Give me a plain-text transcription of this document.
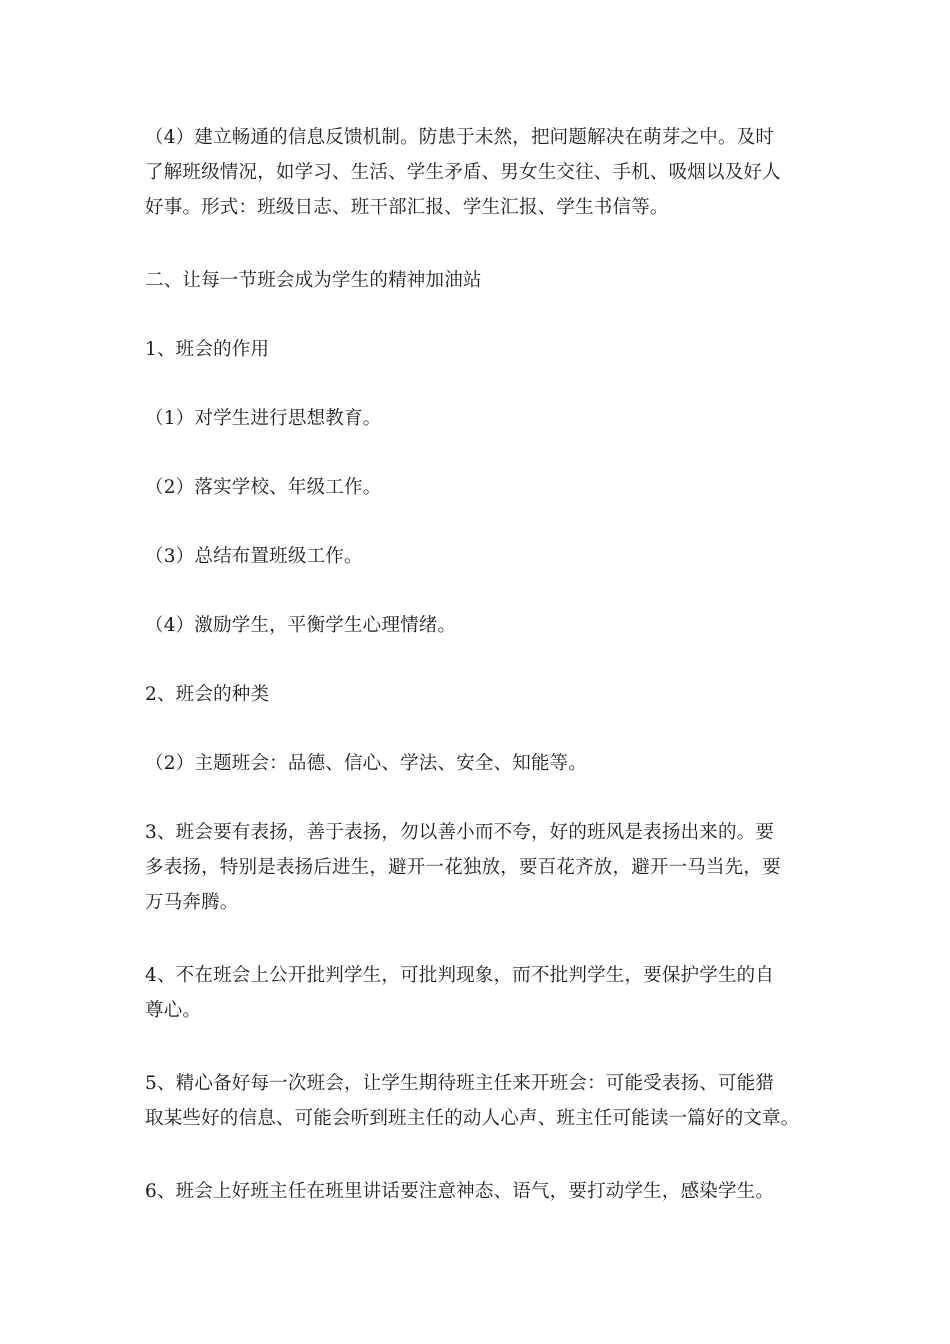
（4）建立畅通的信息反馈机制。防患于未然，把问题解决在萌芽之中。及时
了解班级情况，如学习、生活、学生矛盾、男女生交往、手机、吸烟以及好人
好事。形式：班级日志、班干部汇报、学生汇报、学生书信等。

二、让每一节班会成为学生的精神加油站

1、班会的作用

（1）对学生进行思想教育。

（2）落实学校、年级工作。

（3）总结布置班级工作。

（4）激励学生，平衡学生心理情绪。

2、班会的种类

（2）主题班会：品德、信心、学法、安全、知能等。

3、班会要有表扬，善于表扬，勿以善小而不夸，好的班风是表扬出来的。要
多表扬，特别是表扬后进生，避开一花独放，要百花齐放，避开一马当先，要
万马奔腾。

4、不在班会上公开批判学生，可批判现象，而不批判学生，要保护学生的自
尊心。

5、精心备好每一次班会，让学生期待班主任来开班会：可能受表扬、可能猎
取某些好的信息、可能会听到班主任的动人心声、班主任可能读一篇好的文章。

6、班会上好班主任在班里讲话要注意神态、语气，要打动学生，感染学生。
